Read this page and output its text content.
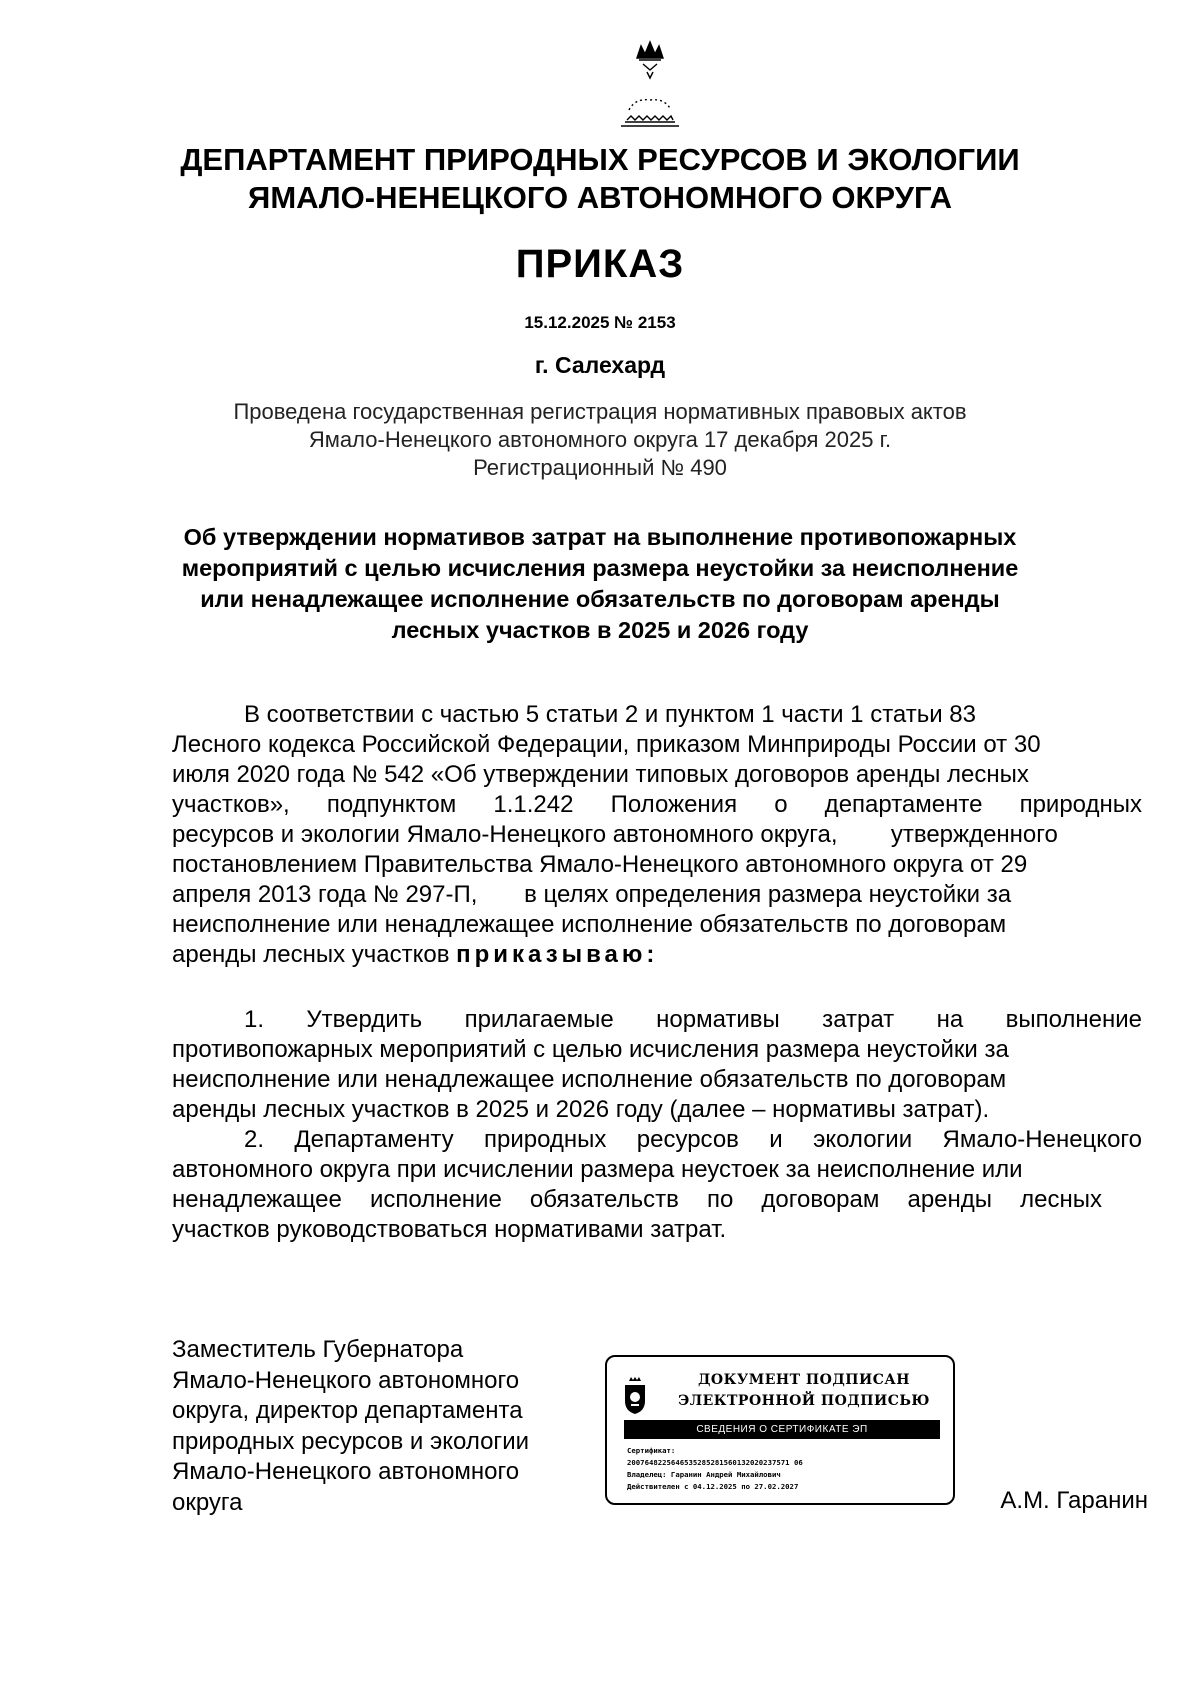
ДЕПАРТАМЕНТ ПРИРОДНЫХ РЕСУРСОВ И ЭКОЛОГИИ
ЯМАЛО-НЕНЕЦКОГО АВТОНОМНОГО ОКРУГА
ПРИКАЗ
15.12.2025 № 2153
г. Салехард
Проведена государственная регистрация нормативных правовых актов
Ямало-Ненецкого автономного округа 17 декабря 2025 г.
Регистрационный № 490
Об утверждении нормативов затрат на выполнение противопожарных
мероприятий с целью исчисления размера неустойки за неисполнение
или ненадлежащее исполнение обязательств по договорам аренды
лесных участков в 2025 и 2026 году
В соответствии с частью 5 статьи 2 и пунктом 1 части 1 статьи 83
Лесного кодекса Российской Федерации, приказом Минприроды России от 30
июля 2020 года № 542 «Об утверждении типовых договоров аренды лесных
участков», подпунктом 1.1.242 Положения о департаменте природных
ресурсов и экологии Ямало-Ненецкого автономного округа,        утвержденного
постановлением Правительства Ямало-Ненецкого автономного округа от 29
апреля 2013 года № 297-П,       в целях определения размера неустойки за
неисполнение или ненадлежащее исполнение обязательств по договорам
аренды лесных участков приказываю:
1. Утвердить прилагаемые нормативы затрат на выполнение
противопожарных мероприятий с целью исчисления размера неустойки за
неисполнение или ненадлежащее исполнение обязательств по договорам
аренды лесных участков в 2025 и 2026 году (далее – нормативы затрат).
2. Департаменту природных ресурсов и экологии Ямало-Ненецкого
автономного округа при исчислении размера неустоек за неисполнение или
ненадлежащее исполнение обязательств по договорам аренды лесных
участков руководствоваться нормативами затрат.
Заместитель Губернатора
Ямало-Ненецкого автономного
округа, директор департамента
природных ресурсов и экологии
Ямало-Ненецкого автономного
округа
ДОКУМЕНТ ПОДПИСАН
ЭЛЕКТРОННОЙ ПОДПИСЬЮ
СВЕДЕНИЯ О СЕРТИФИКАТЕ ЭП
Сертификат:
2007648225646535285281560132020237571 06
Владелец: Гаранин Андрей Михайлович
Действителен с 04.12.2025 по 27.02.2027
А.М. Гаранин
